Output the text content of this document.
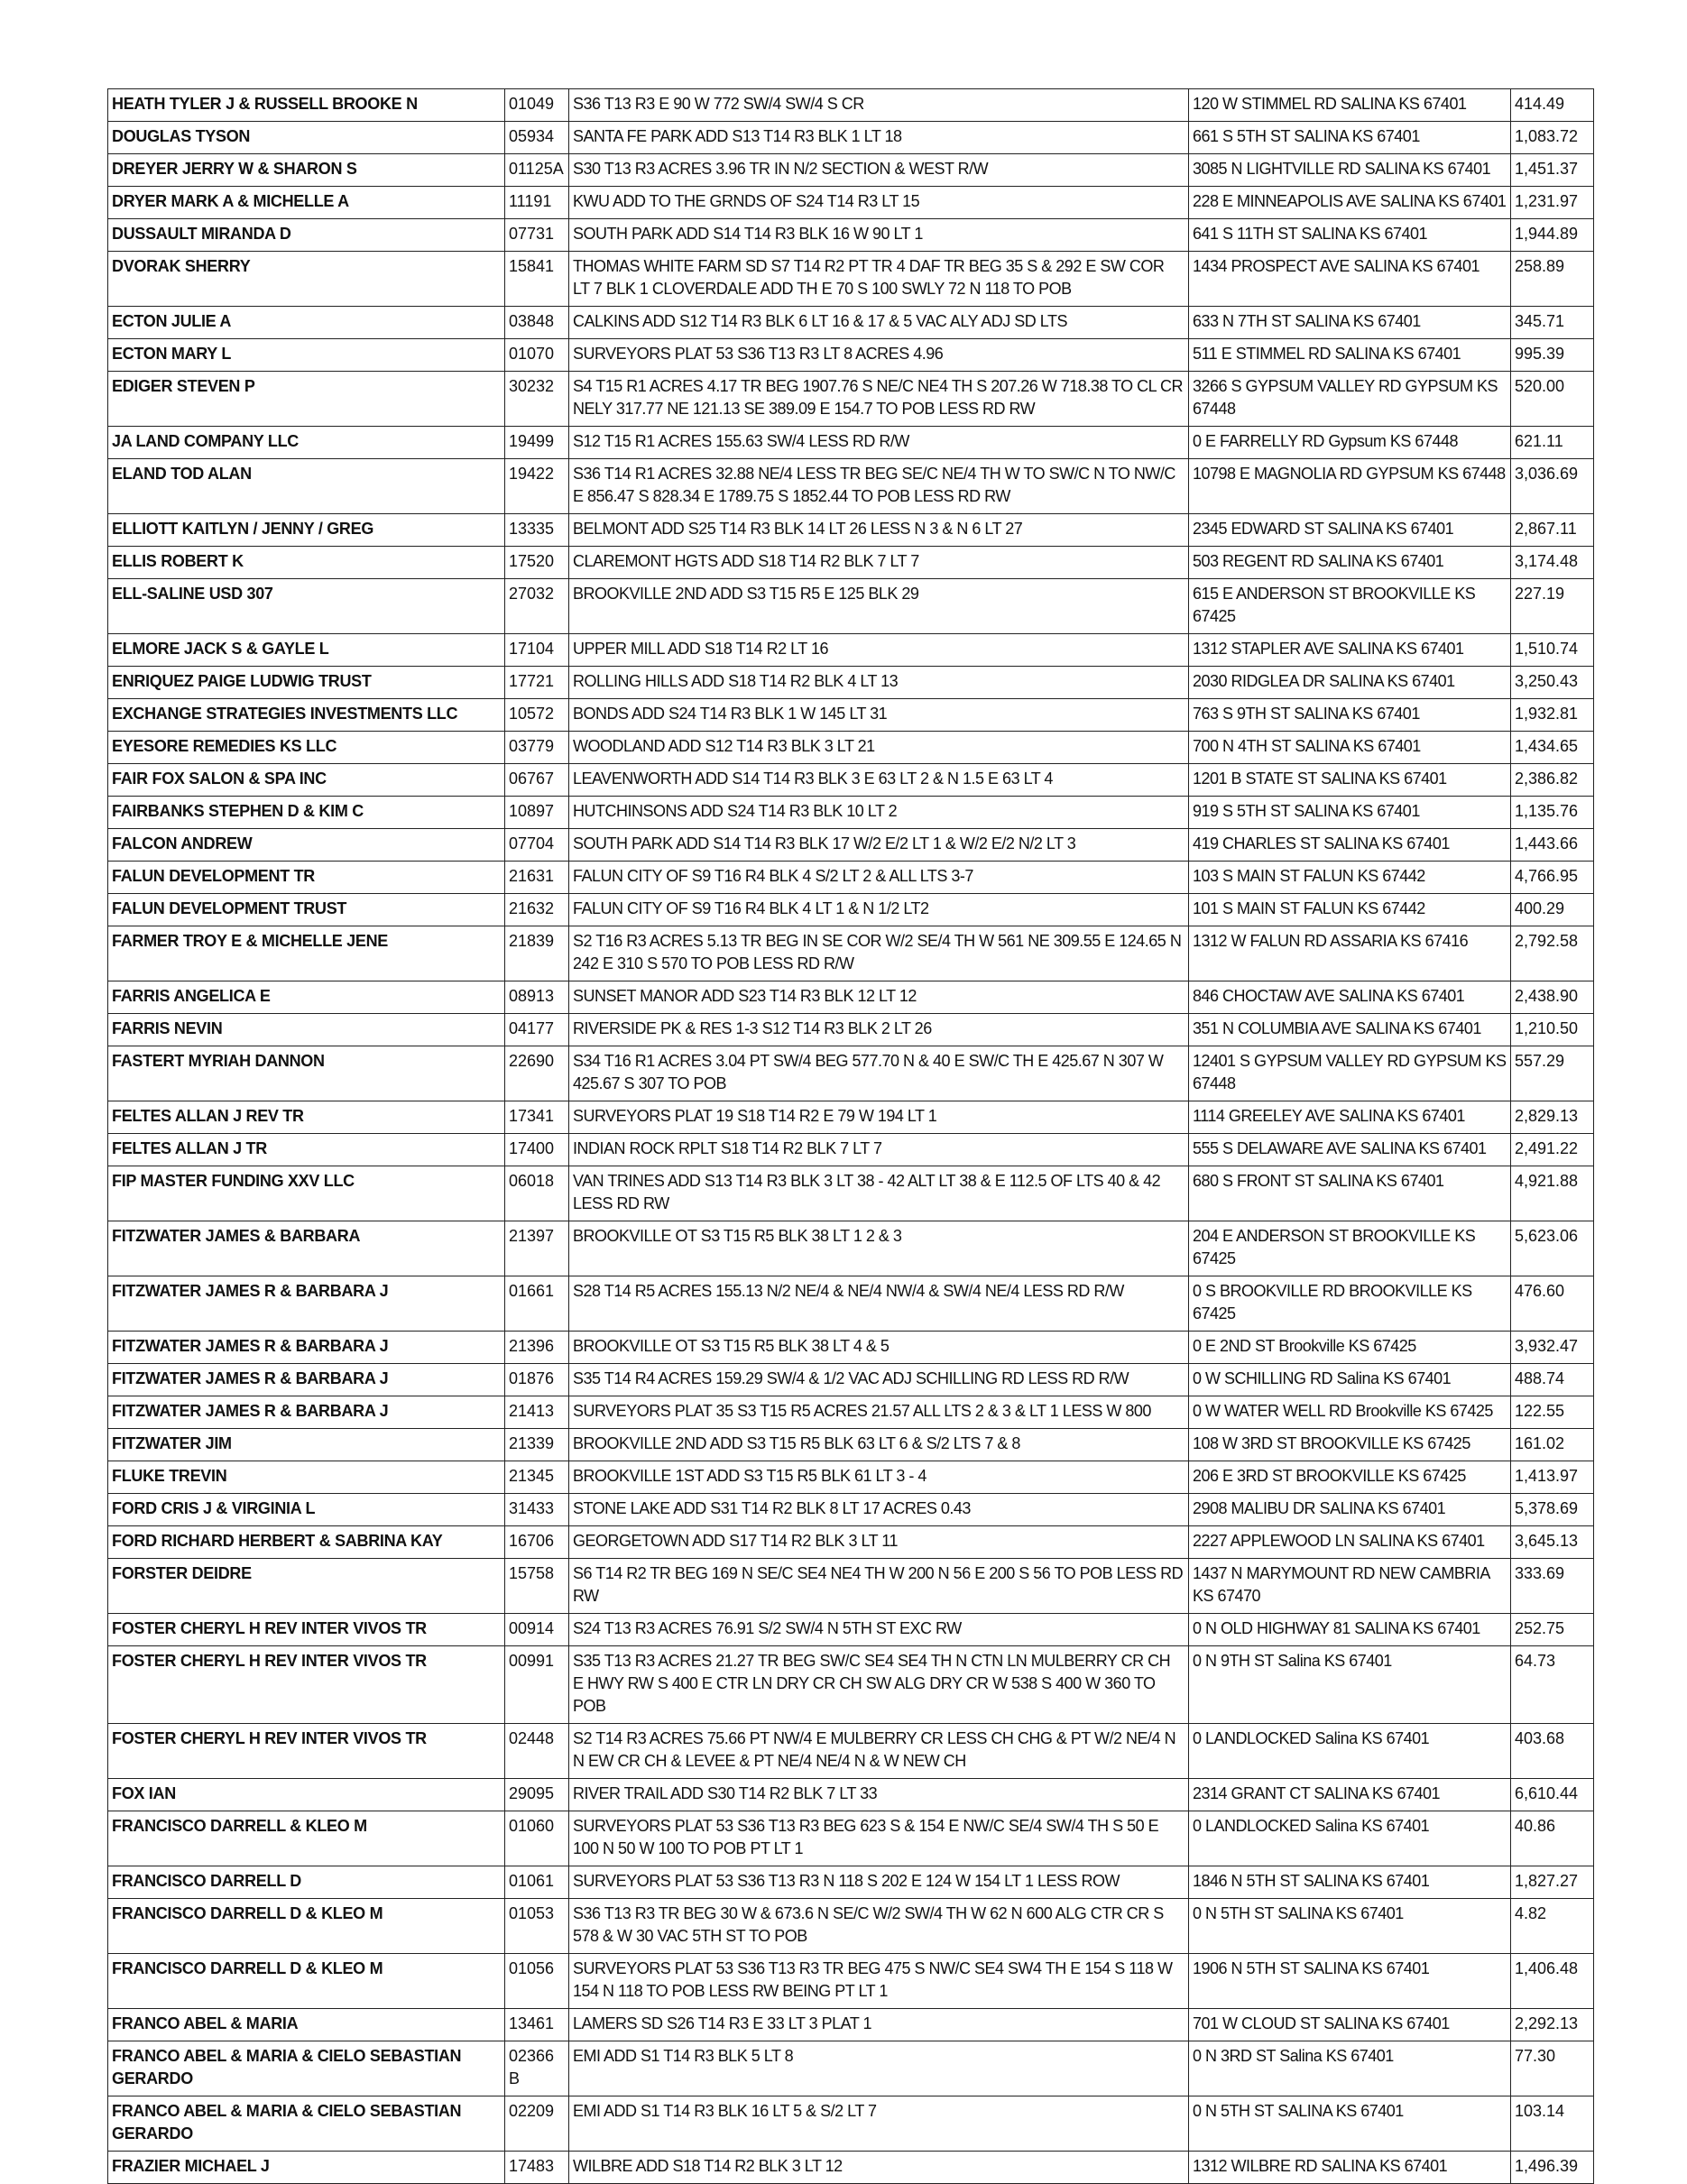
HEATH TYLER J & RUSSELL BROOKE N	01049	S36 T13 R3 E 90 W 772 SW/4 SW/4 S CR	120 W STIMMEL RD SALINA KS 67401	414.49
DOUGLAS TYSON	05934	SANTA FE PARK ADD S13 T14 R3 BLK 1 LT 18	661 S 5TH ST SALINA KS 67401	1,083.72
DREYER JERRY W & SHARON S	01125A	S30 T13 R3 ACRES 3.96 TR IN N/2 SECTION & WEST R/W	3085 N LIGHTVILLE RD SALINA KS 67401	1,451.37
DRYER MARK A & MICHELLE A	11191	KWU ADD TO THE GRNDS OF S24 T14 R3 LT 15	228 E MINNEAPOLIS AVE SALINA KS 67401	1,231.97
DUSSAULT MIRANDA D	07731	SOUTH PARK ADD S14 T14 R3 BLK 16 W 90 LT 1	641 S 11TH ST SALINA KS 67401	1,944.89
DVORAK SHERRY	15841	THOMAS WHITE FARM SD S7 T14 R2 PT TR 4 DAF TR BEG 35 S & 292 E SW COR LT 7 BLK 1 CLOVERDALE ADD TH E 70 S 100 SWLY 72 N 118 TO POB	1434 PROSPECT AVE SALINA KS 67401	258.89
ECTON JULIE A	03848	CALKINS ADD S12 T14 R3 BLK 6 LT 16 & 17 & 5 VAC ALY ADJ SD LTS	633 N 7TH ST SALINA KS 67401	345.71
ECTON MARY L	01070	SURVEYORS PLAT 53 S36 T13 R3 LT 8 ACRES 4.96	511 E STIMMEL RD SALINA KS 67401	995.39
EDIGER STEVEN P	30232	S4 T15 R1 ACRES 4.17 TR BEG 1907.76 S NE/C NE4 TH S 207.26 W 718.38 TO CL CR NELY 317.77 NE 121.13 SE 389.09 E 154.7 TO POB LESS RD RW	3266 S GYPSUM VALLEY RD GYPSUM KS 67448	520.00
JA LAND COMPANY LLC	19499	S12 T15 R1 ACRES 155.63 SW/4 LESS RD R/W	0 E FARRELLY RD Gypsum KS 67448	621.11
ELAND TOD ALAN	19422	S36 T14 R1 ACRES 32.88 NE/4 LESS TR BEG SE/C NE/4 TH W TO SW/C N TO NW/C E 856.47 S 828.34 E 1789.75 S 1852.44 TO POB LESS RD RW	10798 E MAGNOLIA RD GYPSUM KS 67448	3,036.69
ELLIOTT KAITLYN / JENNY / GREG	13335	BELMONT ADD S25 T14 R3 BLK 14 LT 26 LESS N 3 & N 6 LT 27	2345 EDWARD ST SALINA KS 67401	2,867.11
ELLIS ROBERT K	17520	CLAREMONT HGTS ADD S18 T14 R2 BLK 7 LT 7	503 REGENT RD SALINA KS 67401	3,174.48
ELL-SALINE USD 307	27032	BROOKVILLE 2ND ADD S3 T15 R5 E 125 BLK 29	615 E ANDERSON ST BROOKVILLE KS 67425	227.19
ELMORE JACK S & GAYLE L	17104	UPPER MILL ADD S18 T14 R2 LT 16	1312 STAPLER AVE SALINA KS 67401	1,510.74
ENRIQUEZ PAIGE LUDWIG TRUST	17721	ROLLING HILLS ADD S18 T14 R2 BLK 4 LT 13	2030 RIDGLEA DR SALINA KS 67401	3,250.43
EXCHANGE STRATEGIES INVESTMENTS LLC	10572	BONDS ADD S24 T14 R3 BLK 1 W 145 LT 31	763 S 9TH ST SALINA KS 67401	1,932.81
EYESORE REMEDIES KS LLC	03779	WOODLAND ADD S12 T14 R3 BLK 3 LT 21	700 N 4TH ST SALINA KS 67401	1,434.65
FAIR FOX SALON & SPA INC	06767	LEAVENWORTH ADD S14 T14 R3 BLK 3 E 63 LT 2 & N 1.5 E 63 LT 4	1201 B STATE ST SALINA KS 67401	2,386.82
FAIRBANKS STEPHEN D & KIM C	10897	HUTCHINSONS ADD S24 T14 R3 BLK 10 LT 2	919 S 5TH ST SALINA KS 67401	1,135.76
FALCON ANDREW	07704	SOUTH PARK ADD S14 T14 R3 BLK 17 W/2 E/2 LT 1 & W/2 E/2 N/2 LT 3	419 CHARLES ST SALINA KS 67401	1,443.66
FALUN DEVELOPMENT TR	21631	FALUN CITY OF S9 T16 R4 BLK 4 S/2 LT 2 & ALL LTS 3-7	103 S MAIN ST FALUN KS 67442	4,766.95
FALUN DEVELOPMENT TRUST	21632	FALUN CITY OF S9 T16 R4 BLK 4 LT 1 & N 1/2 LT2	101 S MAIN ST FALUN KS 67442	400.29
FARMER TROY E & MICHELLE JENE	21839	S2 T16 R3 ACRES 5.13 TR BEG IN SE COR W/2 SE/4 TH W 561 NE 309.55 E 124.65 N 242 E 310 S 570 TO POB LESS RD R/W	1312 W FALUN RD ASSARIA KS 67416	2,792.58
FARRIS ANGELICA E	08913	SUNSET MANOR ADD S23 T14 R3 BLK 12 LT 12	846 CHOCTAW AVE SALINA KS 67401	2,438.90
FARRIS NEVIN	04177	RIVERSIDE PK & RES 1-3 S12 T14 R3 BLK 2 LT 26	351 N COLUMBIA AVE SALINA KS 67401	1,210.50
FASTERT MYRIAH DANNON	22690	S34 T16 R1 ACRES 3.04 PT SW/4 BEG 577.70 N & 40 E SW/C TH E 425.67 N 307 W 425.67 S 307 TO POB	12401 S GYPSUM VALLEY RD GYPSUM KS 67448	557.29
FELTES ALLAN J REV TR	17341	SURVEYORS PLAT 19 S18 T14 R2 E 79 W 194 LT 1	1114 GREELEY AVE SALINA KS 67401	2,829.13
FELTES ALLAN J TR	17400	INDIAN ROCK RPLT S18 T14 R2 BLK 7 LT 7	555 S DELAWARE AVE SALINA KS 67401	2,491.22
FIP MASTER FUNDING XXV LLC	06018	VAN TRINES ADD S13 T14 R3 BLK 3 LT 38 - 42 ALT LT 38 & E 112.5 OF LTS 40 & 42 LESS RD RW	680 S FRONT ST SALINA KS 67401	4,921.88
FITZWATER JAMES & BARBARA	21397	BROOKVILLE OT S3 T15 R5 BLK 38 LT 1 2 & 3	204 E ANDERSON ST BROOKVILLE KS 67425	5,623.06
FITZWATER JAMES R & BARBARA J	01661	S28 T14 R5 ACRES 155.13 N/2 NE/4 & NE/4 NW/4 & SW/4 NE/4 LESS RD R/W	0 S BROOKVILLE RD BROOKVILLE KS 67425	476.60
FITZWATER JAMES R & BARBARA J	21396	BROOKVILLE OT S3 T15 R5 BLK 38 LT 4 & 5	0 E 2ND ST Brookville KS 67425	3,932.47
FITZWATER JAMES R & BARBARA J	01876	S35 T14 R4 ACRES 159.29 SW/4 & 1/2 VAC ADJ SCHILLING RD LESS RD R/W	0 W SCHILLING RD Salina KS 67401	488.74
FITZWATER JAMES R & BARBARA J	21413	SURVEYORS PLAT 35 S3 T15 R5 ACRES 21.57 ALL LTS 2 & 3 & LT 1 LESS W 800	0 W WATER WELL RD Brookville KS 67425	122.55
FITZWATER JIM	21339	BROOKVILLE 2ND ADD S3 T15 R5 BLK 63 LT 6 & S/2 LTS 7 & 8	108 W 3RD ST BROOKVILLE KS 67425	161.02
FLUKE TREVIN	21345	BROOKVILLE 1ST ADD S3 T15 R5 BLK 61 LT 3 - 4	206 E 3RD ST BROOKVILLE KS 67425	1,413.97
FORD CRIS J & VIRGINIA L	31433	STONE LAKE ADD S31 T14 R2 BLK 8 LT 17 ACRES 0.43	2908 MALIBU DR SALINA KS 67401	5,378.69
FORD RICHARD HERBERT & SABRINA KAY	16706	GEORGETOWN ADD S17 T14 R2 BLK 3 LT 11	2227 APPLEWOOD LN SALINA KS 67401	3,645.13
FORSTER DEIDRE	15758	S6 T14 R2 TR BEG 169 N SE/C SE4 NE4 TH W 200 N 56 E 200 S 56 TO POB LESS RD RW	1437 N MARYMOUNT RD NEW CAMBRIA KS 67470	333.69
FOSTER CHERYL H REV INTER VIVOS TR	00914	S24 T13 R3 ACRES 76.91 S/2 SW/4 N 5TH ST EXC RW	0 N OLD HIGHWAY 81 SALINA KS 67401	252.75
FOSTER CHERYL H REV INTER VIVOS TR	00991	S35 T13 R3 ACRES 21.27 TR BEG SW/C SE4 SE4 TH N CTN LN MULBERRY CR CH E HWY RW S 400 E CTR LN DRY CR CH SW ALG DRY CR W 538 S 400 W 360 TO POB	0 N 9TH ST Salina KS 67401	64.73
FOSTER CHERYL H REV INTER VIVOS TR	02448	S2 T14 R3 ACRES 75.66 PT NW/4 E MULBERRY CR LESS CH CHG & PT W/2 NE/4 N N EW CR CH & LEVEE & PT NE/4 NE/4 N & W NEW CH	0 LANDLOCKED Salina KS 67401	403.68
FOX IAN	29095	RIVER TRAIL ADD S30 T14 R2 BLK 7 LT 33	2314 GRANT CT SALINA KS 67401	6,610.44
FRANCISCO DARRELL & KLEO M	01060	SURVEYORS PLAT 53 S36 T13 R3 BEG 623 S & 154 E NW/C SE/4 SW/4 TH S 50 E 100 N 50 W 100 TO POB PT LT 1	0 LANDLOCKED Salina KS 67401	40.86
FRANCISCO DARRELL D	01061	SURVEYORS PLAT 53 S36 T13 R3 N 118 S 202 E 124 W 154 LT 1 LESS ROW	1846 N 5TH ST SALINA KS 67401	1,827.27
FRANCISCO DARRELL D & KLEO M	01053	S36 T13 R3 TR BEG 30 W & 673.6 N SE/C W/2 SW/4 TH W 62 N 600 ALG CTR CR S 578 & W 30 VAC 5TH ST TO POB	0 N 5TH ST SALINA KS 67401	4.82
FRANCISCO DARRELL D & KLEO M	01056	SURVEYORS PLAT 53 S36 T13 R3 TR BEG 475 S NW/C SE4 SW4 TH E 154 S 118 W 154 N 118 TO POB LESS RW BEING PT LT 1	1906 N 5TH ST SALINA KS 67401	1,406.48
FRANCO ABEL & MARIA	13461	LAMERS SD S26 T14 R3 E 33 LT 3 PLAT 1	701 W CLOUD ST SALINA KS 67401	2,292.13
FRANCO ABEL & MARIA & CIELO SEBASTIAN GERARDO	02366B	EMI ADD S1 T14 R3 BLK 5 LT 8	0 N 3RD ST Salina KS 67401	77.30
FRANCO ABEL & MARIA & CIELO SEBASTIAN GERARDO	02209	EMI ADD S1 T14 R3 BLK 16 LT 5 & S/2 LT 7	0 N 5TH ST SALINA KS 67401	103.14
FRAZIER MICHAEL J	17483	WILBRE ADD S18 T14 R2 BLK 3 LT 12	1312 WILBRE RD SALINA KS 67401	1,496.39
